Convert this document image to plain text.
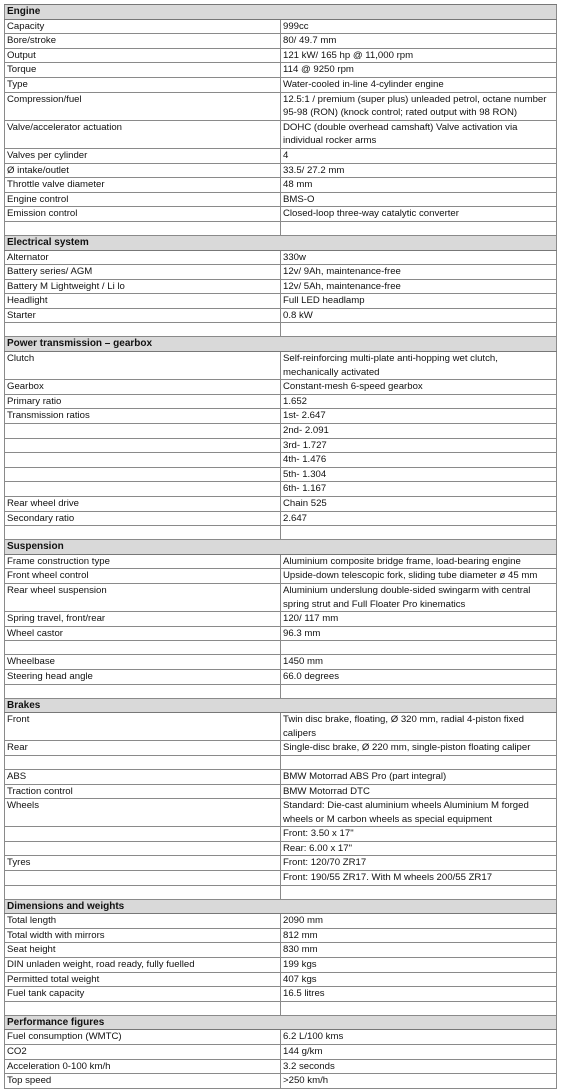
Engine	
Capacity	999cc
Bore/stroke	80/ 49.7 mm
Output	121 kW/ 165 hp @ 11,000 rpm
Torque	114 @ 9250 rpm
Type	Water-cooled in-line 4-cylinder engine
Compression/fuel	12.5:1 / premium (super plus) unleaded petrol, octane number 95-98 (RON) (knock control; rated output with 98 RON)
Valve/accelerator actuation	DOHC (double overhead camshaft) Valve activation via individual rocker arms
Valves per cylinder	4
Ø intake/outlet	33.5/ 27.2 mm
Throttle valve diameter	48 mm
Engine control	BMS-O
Emission control	Closed-loop three-way catalytic converter

Electrical system	
Alternator	330w
Battery series/ AGM	12v/ 9Ah, maintenance-free
Battery M Lightweight / Li lo	12v/ 5Ah, maintenance-free
Headlight	Full LED headlamp
Starter	0.8 kW

Power transmission – gearbox	
Clutch	Self-reinforcing multi-plate anti-hopping wet clutch, mechanically activated
Gearbox	Constant-mesh 6-speed gearbox
Primary ratio	1.652
Transmission ratios	1st- 2.647
	2nd- 2.091
	3rd- 1.727
	4th- 1.476
	5th- 1.304
	6th- 1.167
Rear wheel drive	Chain 525
Secondary ratio	2.647

Suspension	
Frame construction type	Aluminium composite bridge frame, load-bearing engine
Front wheel control	Upside-down telescopic fork, sliding tube diameter ø 45 mm
Rear wheel suspension	Aluminium underslung double-sided swingarm with central spring strut and Full Floater Pro kinematics
Spring travel, front/rear	120/ 117 mm
Wheel castor	96.3 mm

Wheelbase	1450 mm
Steering head angle	66.0 degrees

Brakes	
Front	Twin disc brake, floating, Ø 320 mm, radial 4-piston fixed calipers
Rear	Single-disc brake, Ø 220 mm, single-piston floating caliper

ABS	BMW Motorrad ABS Pro (part integral)
Traction control	BMW Motorrad DTC
Wheels	Standard: Die-cast aluminium wheels Aluminium M forged wheels or M carbon wheels as special equipment
	Front: 3.50 x 17"
	Rear: 6.00 x 17"
Tyres	Front: 120/70 ZR17
	Front: 190/55 ZR17. With M wheels 200/55 ZR17

Dimensions and weights	
Total length	2090 mm
Total width with mirrors	812 mm
Seat height	830 mm
DIN unladen weight, road ready, fully fuelled	199 kgs
Permitted total weight	407 kgs
Fuel tank capacity	16.5 litres

Performance figures	
Fuel consumption (WMTC)	6.2 L/100 kms
CO2	144 g/km
Acceleration 0-100 km/h	3.2 seconds
Top speed	>250 km/h
